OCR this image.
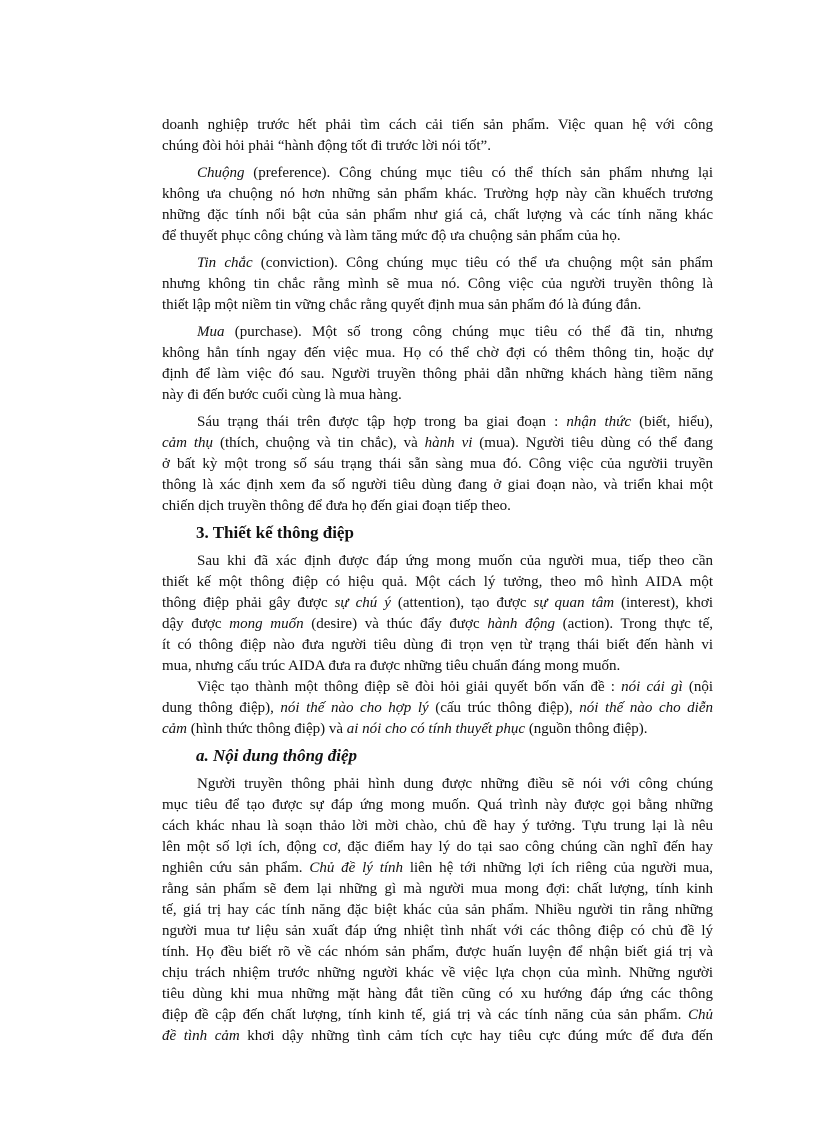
doanh nghiệp trước hết phải tìm cách cải tiến sản phẩm. Việc quan hệ với công
chúng đòi hỏi phải “hành động tốt đi trước lời nói tốt”.
Chuộng (preference). Công chúng mục tiêu có thể thích sản phẩm nhưng lại
không ưa chuộng nó hơn những sản phẩm khác. Trường hợp này cần khuếch trương
những đặc tính nổi bật của sản phẩm như giá cả, chất lượng và các tính năng khác
để thuyết phục công chúng và làm tăng mức độ ưa chuộng sản phẩm của họ.
Tin chắc (conviction). Công chúng mục tiêu có thể ưa chuộng một sản phẩm
nhưng không tin chắc rằng mình sẽ mua nó. Công việc của người truyền thông là
thiết lập một niềm tin vững chắc rằng quyết định mua sản phẩm đó là đúng đắn.
Mua (purchase). Một số trong công chúng mục tiêu có thể đã tin, nhưng
không hẳn tính ngay đến việc mua. Họ có thể chờ đợi có thêm thông tin, hoặc dự
định để làm việc đó sau. Người truyền thông phải dẫn những khách hàng tiềm năng
này đi đến bước cuối cùng là mua hàng.
Sáu trạng thái trên được tập hợp trong ba giai đoạn : nhận thức (biết, hiểu),
cảm thụ (thích, chuộng và tin chắc), và hành vi (mua). Người tiêu dùng có thể đang
ở bất kỳ một trong số sáu trạng thái sẵn sàng mua đó. Công việc của ngườii truyền
thông là xác định xem đa số người tiêu dùng đang ở giai đoạn nào, và triển khai một
chiến dịch truyền thông để đưa họ đến giai đoạn tiếp theo.
3. Thiết kế thông điệp
Sau khi đã xác định được đáp ứng mong muốn của người mua, tiếp theo cần
thiết kế một thông điệp có hiệu quả. Một cách lý tưởng, theo mô hình AIDA một
thông điệp phải gây được sự chú ý (attention), tạo được sự quan tâm (interest), khơi
dậy được mong muốn (desire) và thúc đẩy được hành động (action). Trong thực tế,
ít có thông điệp nào đưa người tiêu dùng đi trọn vẹn từ trạng thái biết đến hành vi
mua, nhưng cấu trúc AIDA đưa ra được những tiêu chuẩn đáng mong muốn.
Việc tạo thành một thông điệp sẽ đòi hỏi giải quyết bốn vấn đề : nói cái gì (nội
dung thông điệp), nói thế nào cho hợp lý (cấu trúc thông điệp), nói thế nào cho diễn
cảm (hình thức thông điệp) và ai nói cho có tính thuyết phục (nguồn thông điệp).
a. Nội dung thông điệp
Người truyền thông phải hình dung được những điều sẽ nói với công chúng
mục tiêu để tạo được sự đáp ứng mong muốn. Quá trình này được gọi bằng những
cách khác nhau là soạn thảo lời mời chào, chủ đề hay ý tưởng. Tựu trung lại là nêu
lên một số lợi ích, động cơ, đặc điểm hay lý do tại sao công chúng cần nghĩ đến hay
nghiên cứu sản phẩm. Chủ đề lý tính liên hệ tới những lợi ích riêng của người mua,
rằng sản phẩm sẽ đem lại những gì mà người mua mong đợi: chất lượng, tính kinh
tế, giá trị hay các tính năng đặc biệt khác của sản phẩm. Nhiều người tin rằng những
người mua tư liệu sản xuất đáp ứng nhiệt tình nhất với các thông điệp có chủ đề lý
tính. Họ đều biết rõ về các nhóm sản phẩm, được huấn luyện để nhận biết giá trị và
chịu trách nhiệm trước những người khác về việc lựa chọn của mình. Những người
tiêu dùng khi mua những mặt hàng đắt tiền cũng có xu hướng đáp ứng các thông
điệp đề cập đến chất lượng, tính kinh tế, giá trị và các tính năng của sản phẩm. Chủ
đề tình cảm khơi dậy những tình cảm tích cực hay tiêu cực đúng mức để đưa đến
